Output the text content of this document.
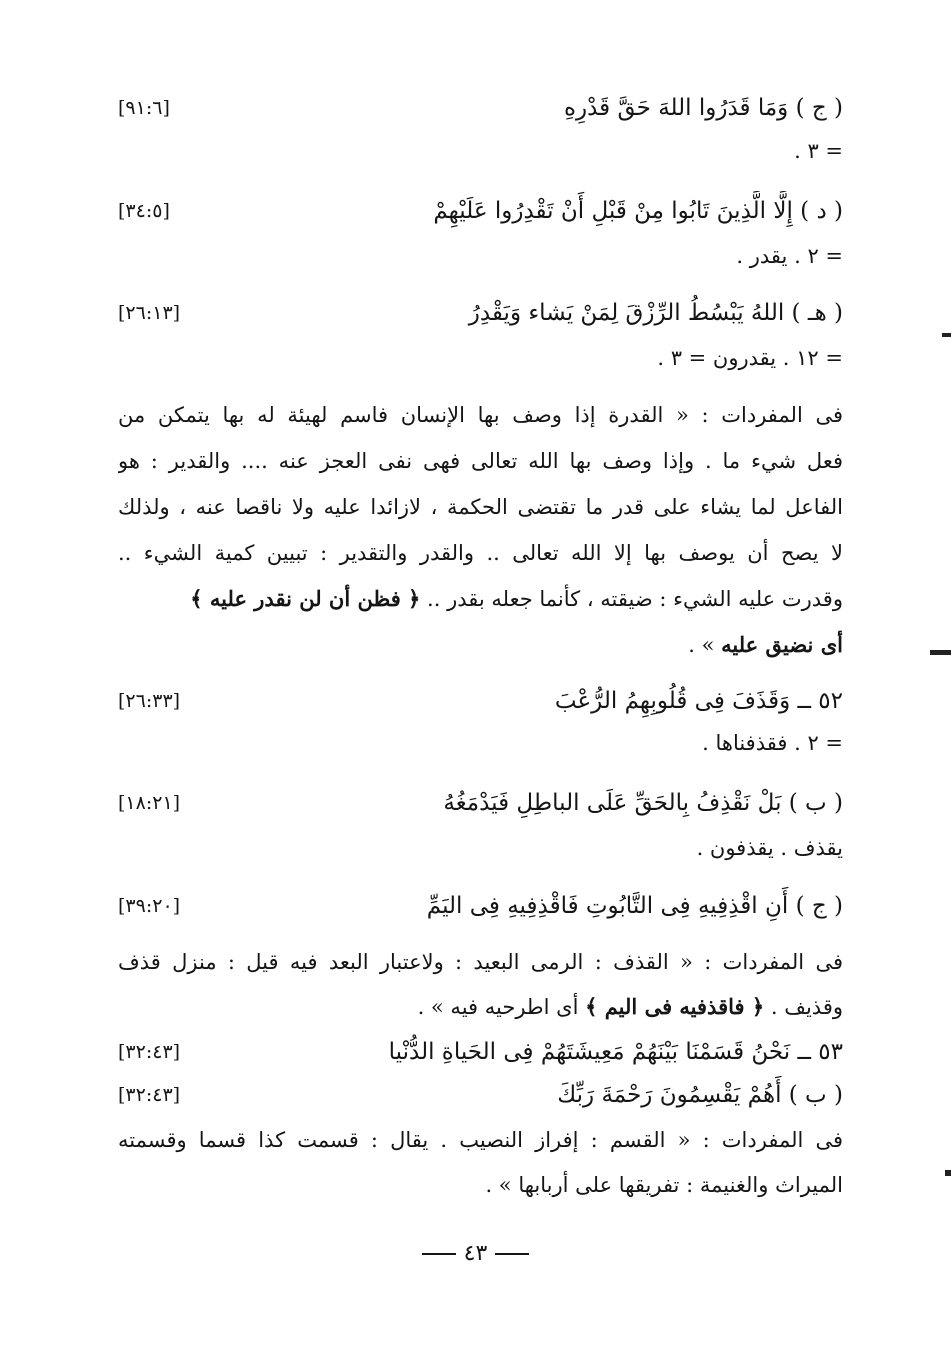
( ج ) وَمَا قَدَرُوا اللهَ حَقَّ قَدْرِهِ
[٩١:٦]
= ٣ .
( د ) إِلَّا الَّذِينَ تَابُوا مِنْ قَبْلِ أَنْ تَقْدِرُوا عَلَيْهِمْ
[٣٤:٥]
= ٢ . يقدر .
( هـ ) اللهُ يَبْسُطُ الرِّزْقَ لِمَنْ يَشاء وَيَقْدِرُ
[٢٦:١٣]
= ١٢ . يقدرون = ٣ .
فى المفردات : « القدرة إذا وصف بها الإنسان فاسم لهيئة له بها يتمكن من
فعل شيء ما . وإذا وصف بها الله تعالى فهى نفى العجز عنه .... والقدير : هو
الفاعل لما يشاء على قدر ما تقتضى الحكمة ، لازائدا عليه ولا ناقصا عنه ، ولذلك
لا يصح أن يوصف بها إلا الله تعالى .. والقدر والتقدير : تبيين كمية الشيء ..
وقدرت عليه الشيء : ضيقته ، كأنما جعله بقدر .. ﴿ فظن أن لن نقدر عليه ﴾
أى نضيق عليه » .
٥٢ ــ وَقَذَفَ فِى قُلُوبِهِمُ الرُّعْبَ
[٢٦:٣٣]
= ٢ . فقذفناها .
( ب ) بَلْ نَقْذِفُ بِالحَقِّ عَلَى الباطِلِ فَيَدْمَغُهُ
[١٨:٢١]
يقذف . يقذفون .
( ج ) أَنِ اقْذِفِيهِ فِى التَّابُوتِ فَاقْذِفِيهِ فِى اليَمِّ
[٣٩:٢٠]
فى المفردات : « القذف : الرمى البعيد : ولاعتبار البعد فيه قيل : منزل قذف
وقذيف . ﴿ فاقذفيه فى اليم ﴾ أى اطرحيه فيه » .
٥٣ ــ نَحْنُ قَسَمْنَا بَيْنَهُمْ مَعِيشَتَهُمْ فِى الحَياةِ الدُّنْيا
[٣٢:٤٣]
( ب ) أَهُمْ يَقْسِمُونَ رَحْمَةَ رَبِّكَ
[٣٢:٤٣]
فى المفردات : « القسم : إفراز النصيب . يقال : قسمت كذا قسما وقسمته
الميراث والغنيمة : تفريقها على أربابها » .
٤٣
